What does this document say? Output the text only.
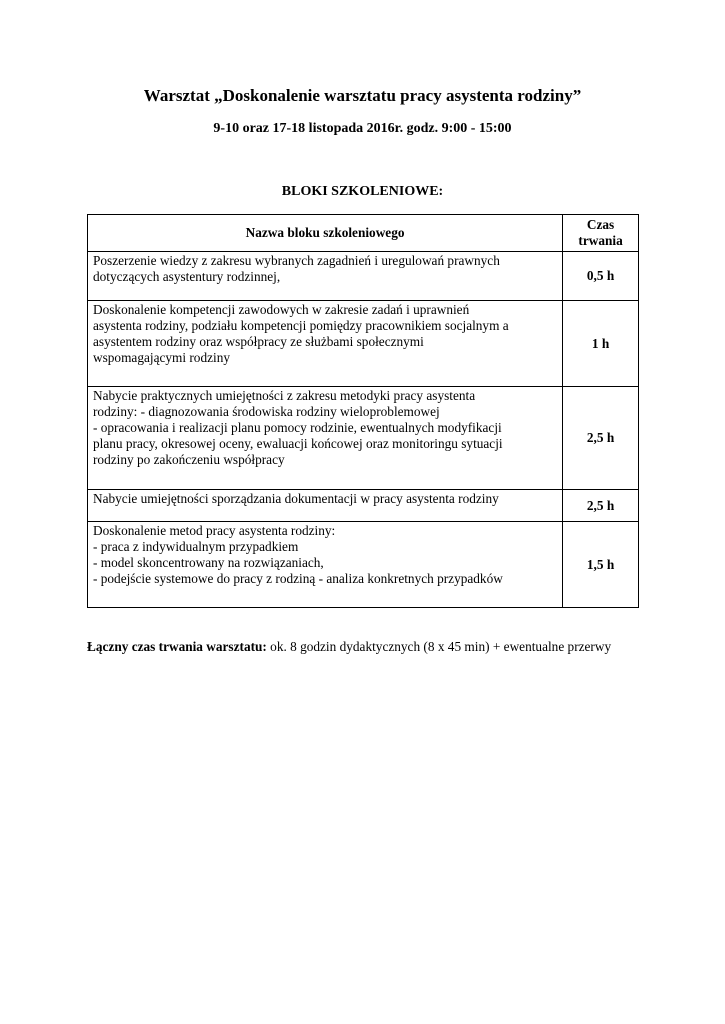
Warsztat „Doskonalenie warsztatu pracy asystenta rodziny”
9-10 oraz 17-18 listopada 2016r. godz. 9:00 - 15:00
BLOKI SZKOLENIOWE:
Nazwa bloku szkoleniowego	Czas trwania

Poszerzenie wiedzy z zakresu wybranych zagadnień i uregulowań prawnych
dotyczących asystentury rodzinnej,	0,5 h

Doskonalenie kompetencji zawodowych w zakresie zadań i uprawnień
asystenta rodziny, podziału kompetencji pomiędzy pracownikiem socjalnym a
asystentem rodziny oraz współpracy ze służbami społecznymi
wspomagającymi rodziny	1 h

Nabycie praktycznych umiejętności z zakresu metodyki pracy asystenta
rodziny: - diagnozowania środowiska rodziny wieloproblemowej
- opracowania i realizacji planu pomocy rodzinie, ewentualnych modyfikacji
planu pracy, okresowej oceny, ewaluacji końcowej oraz monitoringu sytuacji
rodziny po zakończeniu współpracy	2,5 h

Nabycie umiejętności sporządzania dokumentacji w pracy asystenta rodziny	2,5 h

Doskonalenie metod pracy asystenta rodziny:
- praca z indywidualnym przypadkiem
- model skoncentrowany na rozwiązaniach,
- podejście systemowe do pracy z rodziną - analiza konkretnych przypadków	1,5 h
Łączny czas trwania warsztatu: ok. 8 godzin dydaktycznych (8 x 45 min) + ewentualne przerwy
